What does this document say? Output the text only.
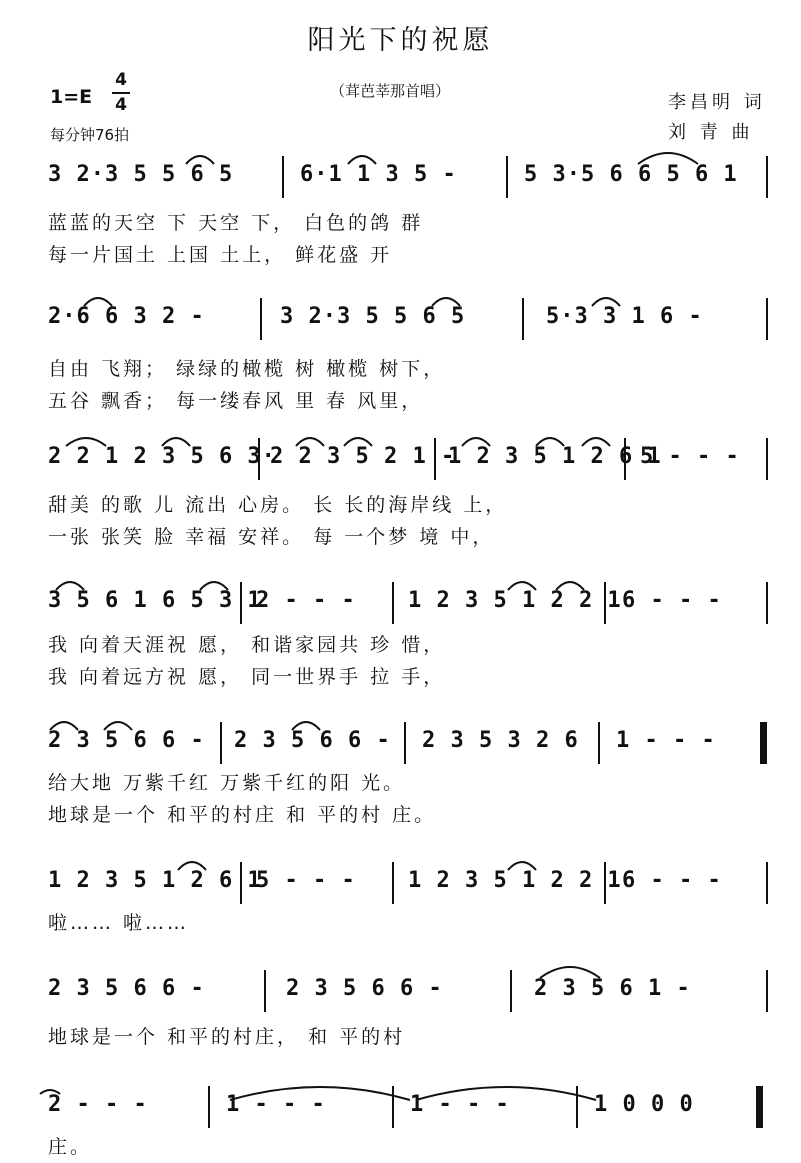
阳光下的祝愿
（茸芭莘那首唱）
1=E
4
4
每分钟76拍
李昌明 词
刘 青 曲
3 2·3 5 5 6 5	6·1 1 3 5 -	5 3·5 6 6 5 6 1
蓝蓝的天空 下 天空 下， 白色的鸽 群
每一片国土 上国 土上， 鲜花盛 开
2·6 6 3 2 -	3 2·3 5 5 6 5	5·3 3 1 6 -
自由 飞翔； 绿绿的橄榄 树 橄榄 树下，
五谷 飘香； 每一缕春风 里 春 风里，
2 2 1 2 3 5 6 3·
2 2 3 5 2 1 -
1 2 3 5 1 2 6 1
5 - - -
甜美 的歌 儿 流出 心房。 长 长的海岸线 上，
一张 张笑 脸 幸福 安祥。 每 一个梦 境 中，
3 5 6 1 6 5 3 1
2 - - - 1 2 3 5 1 2 2 1 6 - - -
我 向着天涯祝 愿， 和谐家园共 珍 惜，
我 向着远方祝 愿， 同一世界手 拉 手，
2 3 5 6 6 - 2 3 5 6 6 - 2 3 5 3 2 6 1 - - -
给大地 万紫千红 万紫千红的阳 光。
地球是一个 和平的村庄 和 平的村 庄。
1 2 3 5 1 2 6 1
5 - - - 1 2 3 5 1 2 2 1 6 - - -
啦…… 啦……
2 3 5 6 6 -	2 3 5 6 6 -	2 3 5 6 1 -
地球是一个 和平的村庄， 和 平的村
2 - - -	1 - - -	1 - - -	1 0 0 0
庄。
